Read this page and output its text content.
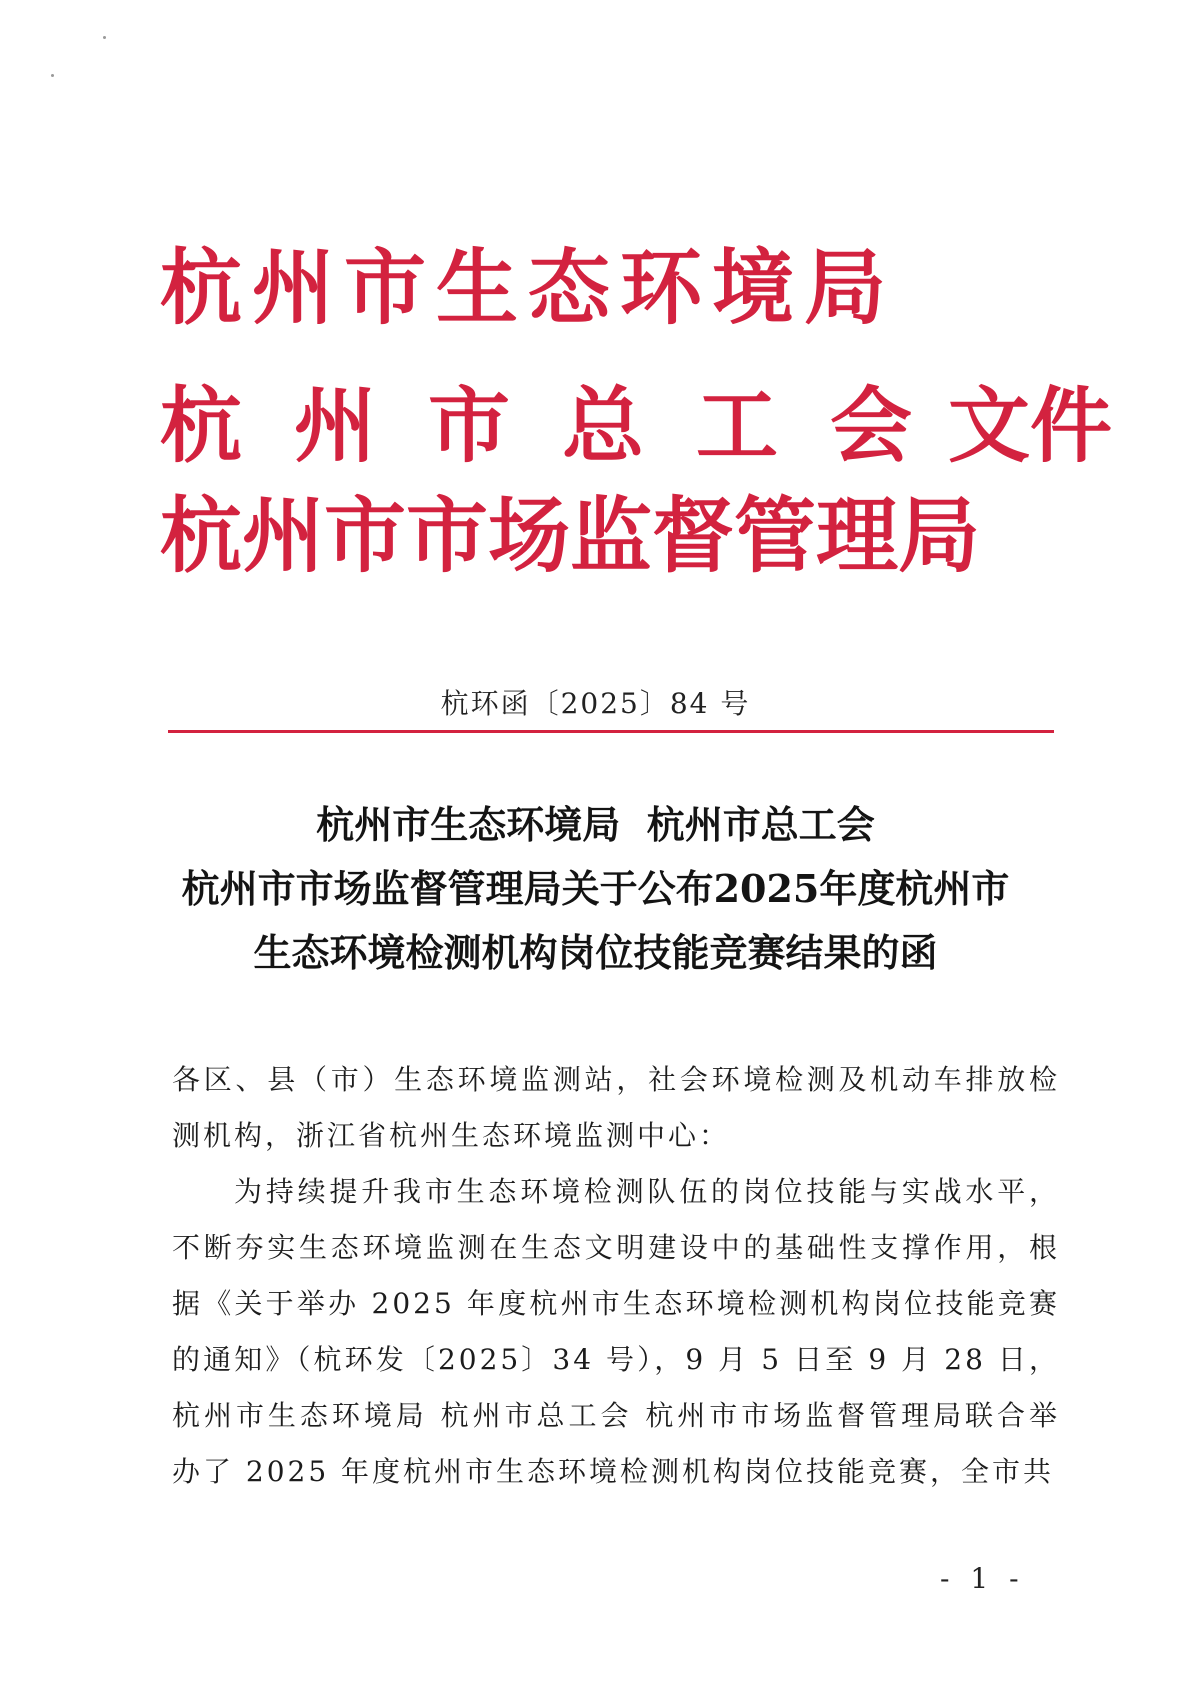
杭州市生态环境局
杭州市总工会
文件
杭州市市场监督管理局
杭环函〔2025〕84 号
杭州市生态环境局  杭州市总工会
杭州市市场监督管理局关于公布2025年度杭州市
生态环境检测机构岗位技能竞赛结果的函

各区、县（市）生态环境监测站，社会环境检测及机动车排放检测机构，浙江省杭州生态环境监测中心：

为持续提升我市生态环境检测队伍的岗位技能与实战水平，不断夯实生态环境监测在生态文明建设中的基础性支撑作用，根据《关于举办 2025 年度杭州市生态环境检测机构岗位技能竞赛的通知》（杭环发〔2025〕34 号），9 月 5 日至 9 月 28 日，杭州市生态环境局 杭州市总工会 杭州市市场监督管理局联合举办了 2025 年度杭州市生态环境检测机构岗位技能竞赛，全市共

- 1 -
